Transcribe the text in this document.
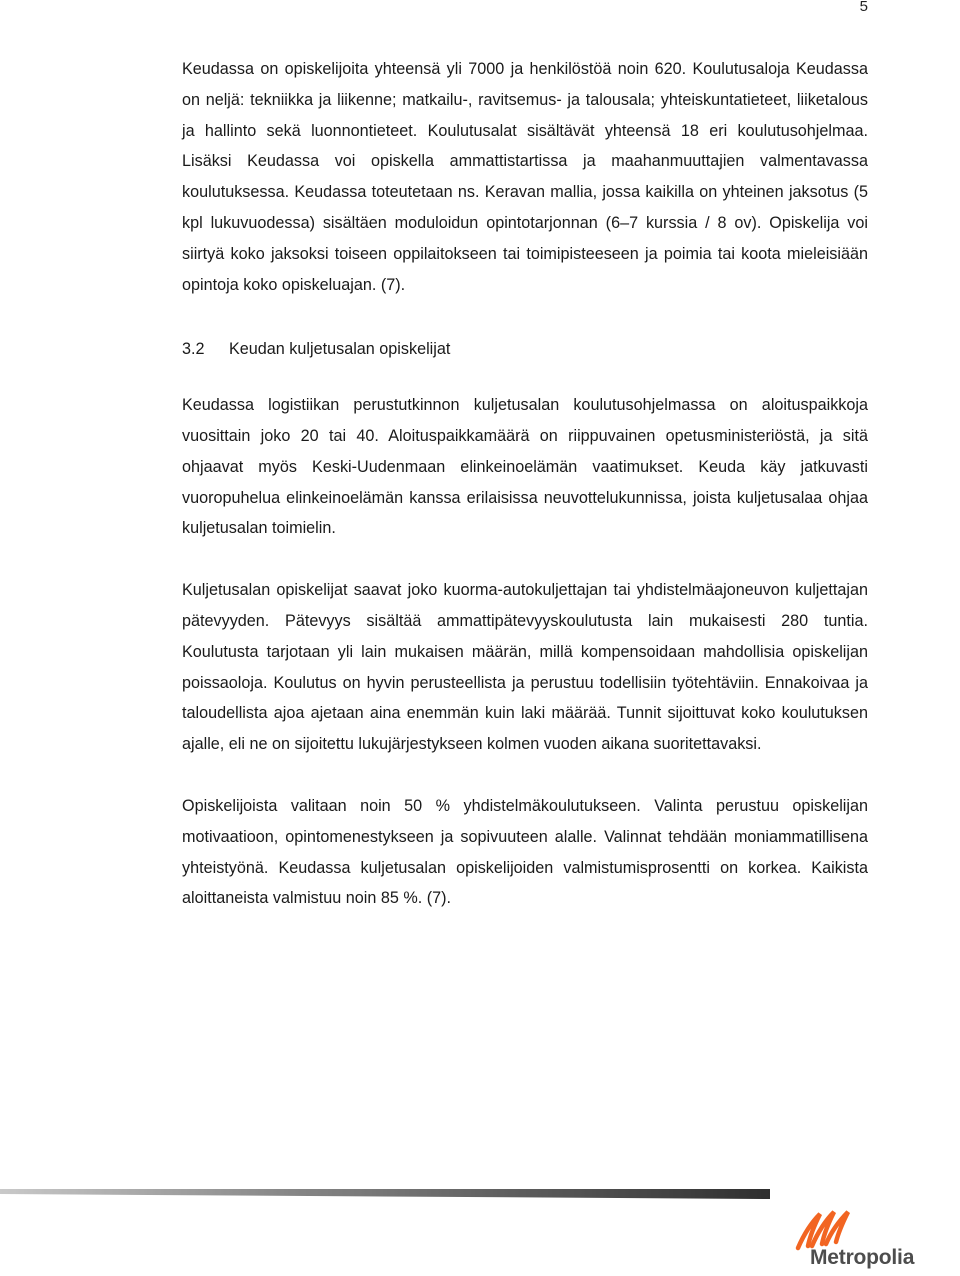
5

Keudassa on opiskelijoita yhteensä yli 7000 ja henkilöstöä noin 620. Koulutusaloja Keudassa on neljä: tekniikka ja liikenne; matkailu-, ravitsemus- ja talousala; yhteiskuntatieteet, liiketalous ja hallinto sekä luonnontieteet. Koulutusalat sisältävät yhteensä 18 eri koulutusohjelmaa. Lisäksi Keudassa voi opiskella ammattistartissa ja maahanmuuttajien valmentavassa koulutuksessa. Keudassa toteutetaan ns. Keravan mallia, jossa kaikilla on yhteinen jaksotus (5 kpl lukuvuodessa) sisältäen moduloidun opintotarjonnan (6–7 kurssia / 8 ov). Opiskelija voi siirtyä koko jaksoksi toiseen oppilaitokseen tai toimipisteeseen ja poimia tai koota mieleisiään opintoja koko opiskeluajan. (7).

3.2	Keudan kuljetusalan opiskelijat

Keudassa logistiikan perustutkinnon kuljetusalan koulutusohjelmassa on aloituspaikkoja vuosittain joko 20 tai 40. Aloituspaikkamäärä on riippuvainen opetusministeriöstä, ja sitä ohjaavat myös Keski-Uudenmaan elinkeinoelämän vaatimukset. Keuda käy jatkuvasti vuoropuhelua elinkeinoelämän kanssa erilaisissa neuvottelukunnissa, joista kuljetusalaa ohjaa kuljetusalan toimielin.

Kuljetusalan opiskelijat saavat joko kuorma-autokuljettajan tai yhdistelmäajoneuvon kuljettajan pätevyyden. Pätevyys sisältää ammattipätevyyskoulutusta lain mukaisesti 280 tuntia. Koulutusta tarjotaan yli lain mukaisen määrän, millä kompensoidaan mahdollisia opiskelijan poissaoloja. Koulutus on hyvin perusteellista ja perustuu todellisiin työtehtäviin. Ennakoivaa ja taloudellista ajoa ajetaan aina enemmän kuin laki määrää. Tunnit sijoittuvat koko koulutuksen ajalle, eli ne on sijoitettu lukujärjestykseen kolmen vuoden aikana suoritettavaksi.

Opiskelijoista valitaan noin 50 % yhdistelmäkoulutukseen. Valinta perustuu opiskelijan motivaatioon, opintomenestykseen ja sopivuuteen alalle. Valinnat tehdään moniammatillisena yhteistyönä. Keudassa kuljetusalan opiskelijoiden valmistumisprosentti on korkea. Kaikista aloittaneista valmistuu noin 85 %. (7).

Metropolia
